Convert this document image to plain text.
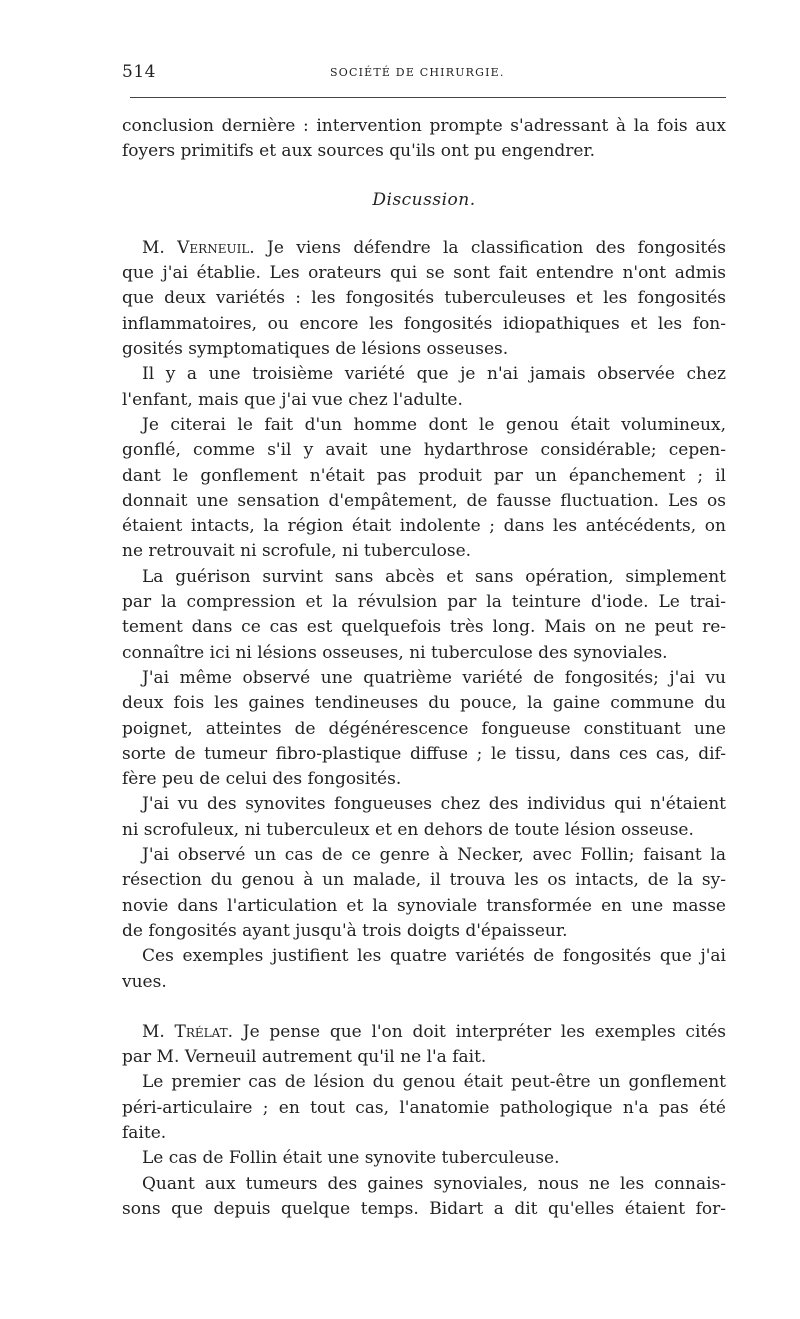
514	SOCIÉTÉ DE CHIRURGIE.
conclusion dernière : intervention prompte s'adressant à la fois aux
foyers primitifs et aux sources qu'ils ont pu engendrer.
Discussion.
M. Verneuil. Je viens défendre la classification des fongosités
que j'ai établie. Les orateurs qui se sont fait entendre n'ont admis
que deux variétés : les fongosités tuberculeuses et les fongosités
inflammatoires, ou encore les fongosités idiopathiques et les fon-
gosités symptomatiques de lésions osseuses.
Il y a une troisième variété que je n'ai jamais observée chez
l'enfant, mais que j'ai vue chez l'adulte.
Je citerai le fait d'un homme dont le genou était volumineux,
gonflé, comme s'il y avait une hydarthrose considérable; cepen-
dant le gonflement n'était pas produit par un épanchement ; il
donnait une sensation d'empâtement, de fausse fluctuation. Les os
étaient intacts, la région était indolente ; dans les antécédents, on
ne retrouvait ni scrofule, ni tuberculose.
La guérison survint sans abcès et sans opération, simplement
par la compression et la révulsion par la teinture d'iode. Le trai-
tement dans ce cas est quelquefois très long. Mais on ne peut re-
connaître ici ni lésions osseuses, ni tuberculose des synoviales.
J'ai même observé une quatrième variété de fongosités; j'ai vu
deux fois les gaines tendineuses du pouce, la gaine commune du
poignet, atteintes de dégénérescence fongueuse constituant une
sorte de tumeur fibro-plastique diffuse ; le tissu, dans ces cas, dif-
fère peu de celui des fongosités.
J'ai vu des synovites fongueuses chez des individus qui n'étaient
ni scrofuleux, ni tuberculeux et en dehors de toute lésion osseuse.
J'ai observé un cas de ce genre à Necker, avec Follin; faisant la
résection du genou à un malade, il trouva les os intacts, de la sy-
novie dans l'articulation et la synoviale transformée en une masse
de fongosités ayant jusqu'à trois doigts d'épaisseur.
Ces exemples justifient les quatre variétés de fongosités que j'ai
vues.
M. Trélat. Je pense que l'on doit interpréter les exemples cités
par M. Verneuil autrement qu'il ne l'a fait.
Le premier cas de lésion du genou était peut-être un gonflement
péri-articulaire ; en tout cas, l'anatomie pathologique n'a pas été
faite.
Le cas de Follin était une synovite tuberculeuse.
Quant aux tumeurs des gaines synoviales, nous ne les connais-
sons que depuis quelque temps. Bidart a dit qu'elles étaient for-
